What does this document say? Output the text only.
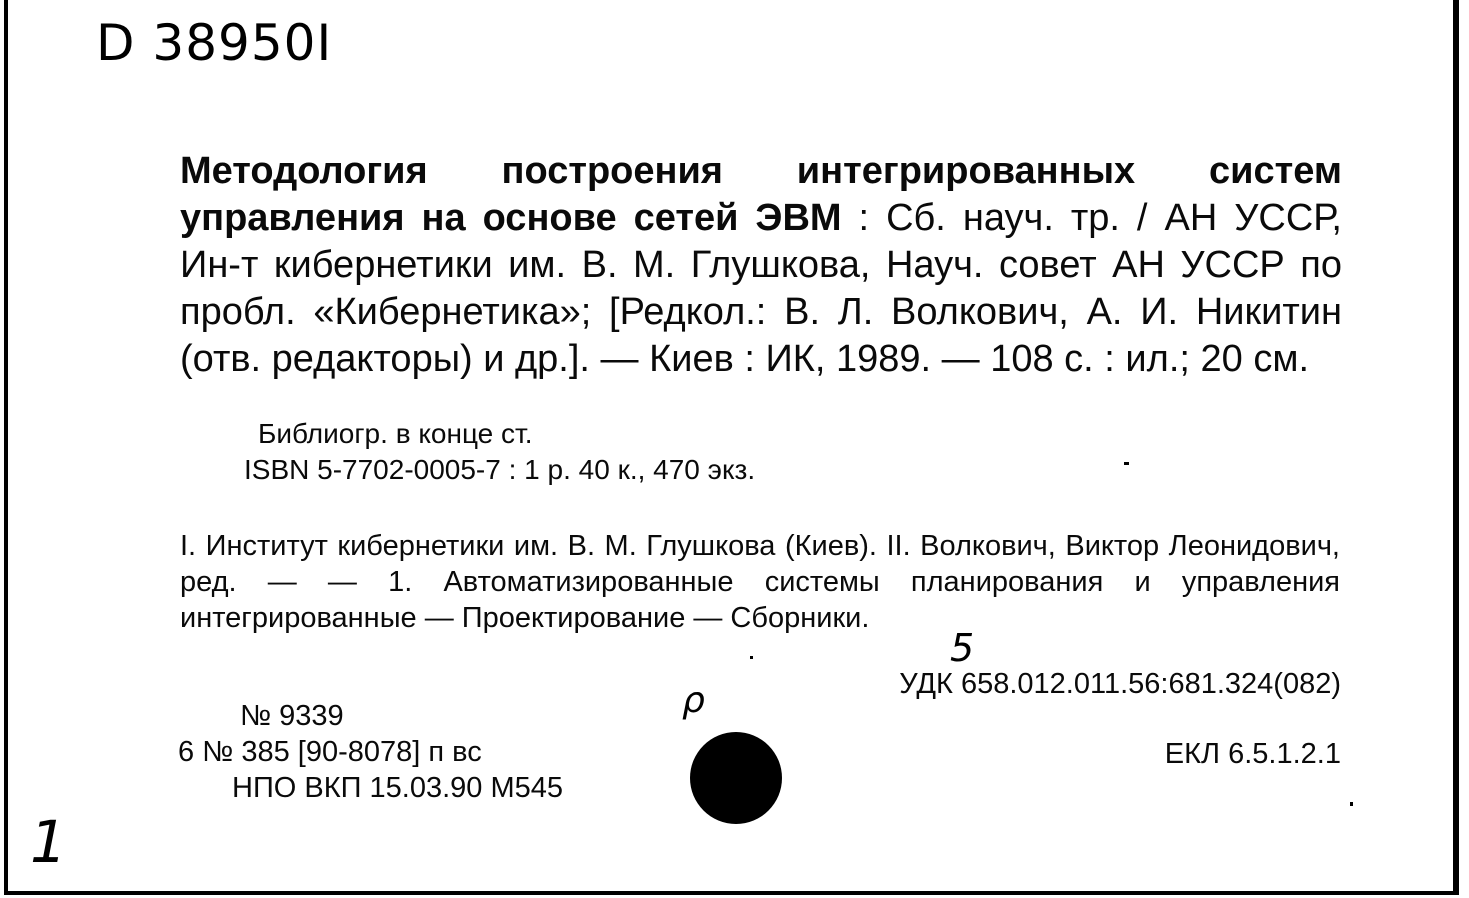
D 38950I
Методология построения интегрированных систем управления на основе сетей ЭВМ : Сб. науч. тр. / АН УССР, Ин-т кибернетики им. В. М. Глушкова, Науч. совет АН УССР по пробл. «Кибернетика»; [Редкол.: В. Л. Волкович, А. И. Никитин (отв. редакторы) и др.]. — Киев : ИК, 1989. — 108 с. : ил.; 20 см.
Библиогр. в конце ст.
ISBN 5-7702-0005-7 : 1 р. 40 к., 470 экз.
I. Институт кибернетики им. В. М. Глушкова (Киев). II. Волкович, Виктор Леонидович, ред. — — 1. Автоматизированные системы планирования и управления интегрированные — Проектирование — Сборники.
УДК 658.012.011.56:681.324(082)
№ 9339
6 № 385 [90-8078] п вс
НПО ВКП 15.03.90 М545
ЕКЛ 6.5.1.2.1
1
5
ρ
